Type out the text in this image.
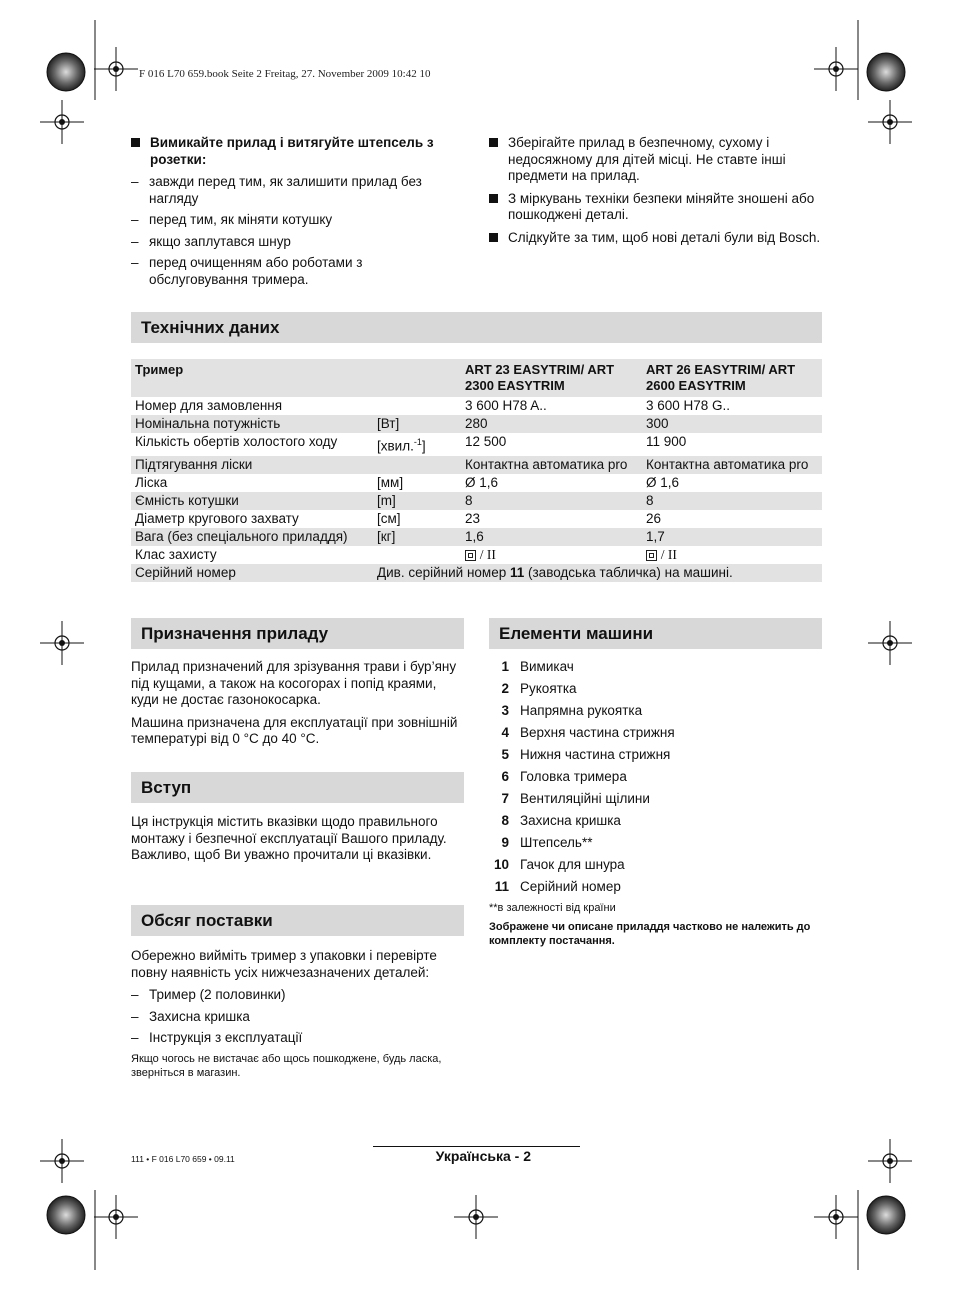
F 016 L70 659.book Seite 2 Freitag, 27. November 2009 10:42 10
Вимикайте прилад і витягуйте штепсель з розетки:
– завжди перед тим, як залишити прилад без нагляду
– перед тим, як міняти котушку
– якщо заплутався шнур
– перед очищенням або роботами з обслуговування тримера.
Зберігайте прилад в безпечному, сухому і недосяжному для дітей місці. Не ставте інші предмети на прилад.
З міркувань техніки безпеки міняйте зношені або пошкоджені деталі.
Слідкуйте за тим, щоб нові деталі були від Bosch.
Технічних даних
Тример		ART 23 EASYTRIM/ ART 2300 EASYTRIM	ART 26 EASYTRIM/ ART 2600 EASYTRIM
Номер для замовлення		3 600 H78 A..	3 600 H78 G..
Номінальна потужність	[Вт]	280	300
Кількість обертів холостого ходу	[хвил.$^{-1}$]	12 500	11 900
Підтягування ліски		Контактна автоматика pro	Контактна автоматика pro
Ліска	[мм]	Ø 1,6	Ø 1,6
Ємність котушки	[m]	8	8
Діаметр кругового захвату	[см]	23	26
Вага (без спеціального приладдя)	[кг]	1,6	1,7
Клас захисту		/ II	/ II
Серійний номер	Див. серійний номер 11 (заводська табличка) на машині.		
Призначення приладу
Прилад призначений для зрізування трави і бур’яну під кущами, а також на косогорах і попід краями, куди не достає газонокосарка.
Машина призначена для експлуатації при зовнішній температурі від 0 °C до 40 °C.
Вступ
Ця інструкція містить вказівки щодо правильного монтажу і безпечної експлуатації Вашого приладу. Важливо, щоб Ви уважно прочитали ці вказівки.
Обсяг поставки
Обережно вийміть тример з упаковки і перевірте повну наявність усіх нижчезазначених деталей:
– Тример (2 половинки)
– Захисна кришка
– Інструкція з експлуатації
Якщо чогось не вистачає або щось пошкоджене, будь ласка, зверніться в магазин.
Елементи машини
1 Вимикач
2 Рукоятка
3 Напрямна рукоятка
4 Верхня частина стрижня
5 Нижня частина стрижня
6 Головка тримера
7 Вентиляційні щілини
8 Захисна кришка
9 Штепсель**
10 Гачок для шнура
11 Серійний номер
**в залежності від країни
Зображене чи описане приладдя частково не належить до комплекту постачання.
111 • F 016 L70 659 • 09.11	Українська - 2
